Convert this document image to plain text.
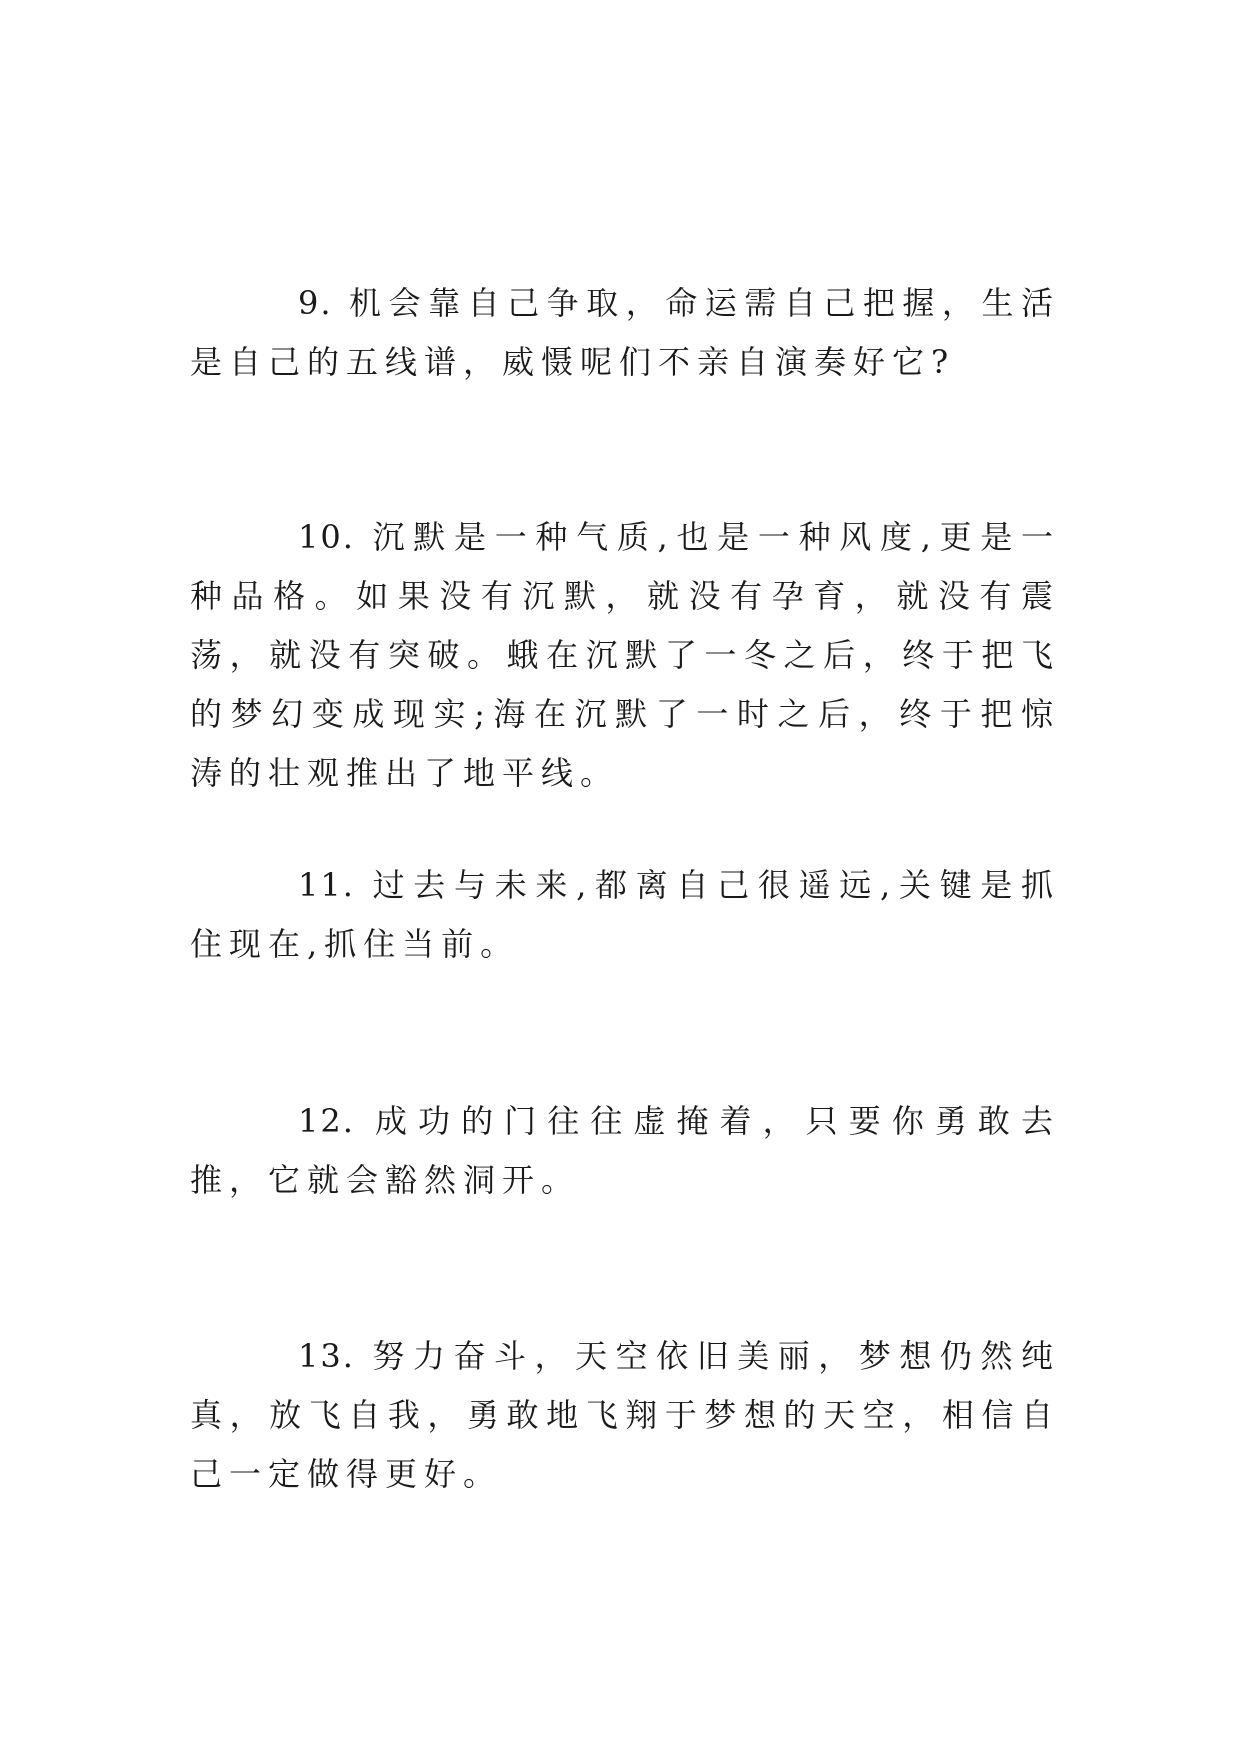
9. 机会靠自己争取，命运需自己把握，生活是自己的五线谱，威慑呢们不亲自演奏好它?

10. 沉默是一种气质,也是一种风度,更是一种品格。如果没有沉默，就没有孕育，就没有震荡，就没有突破。蛾在沉默了一冬之后，终于把飞的梦幻变成现实;海在沉默了一时之后，终于把惊涛的壮观推出了地平线。

11. 过去与未来,都离自己很遥远,关键是抓住现在,抓住当前。

12. 成功的门往往虚掩着，只要你勇敢去推，它就会豁然洞开。

13. 努力奋斗，天空依旧美丽，梦想仍然纯真，放飞自我，勇敢地飞翔于梦想的天空，相信自己一定做得更好。
